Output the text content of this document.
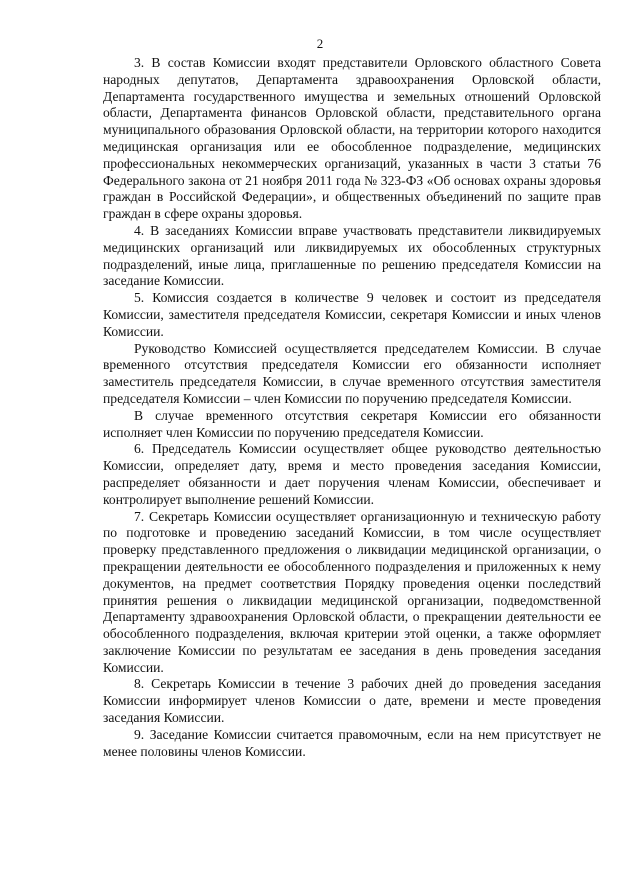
2

3. В состав Комиссии входят представители Орловского областного Совета народных депутатов, Департамента здравоохранения Орловской области, Департамента государственного имущества и земельных отношений Орловской области, Департамента финансов Орловской области, представительного органа муниципального образования Орловской области, на территории которого находится медицинская организация или ее обособленное подразделение, медицинских профессиональных некоммерческих организаций, указанных в части 3 статьи 76 Федерального закона от 21 ноября 2011 года № 323-ФЗ «Об основах охраны здоровья граждан в Российской Федерации», и общественных объединений по защите прав граждан в сфере охраны здоровья.

4. В заседаниях Комиссии вправе участвовать представители ликвидируемых медицинских организаций или ликвидируемых их обособленных структурных подразделений, иные лица, приглашенные по решению председателя Комиссии на заседание Комиссии.

5. Комиссия создается в количестве 9 человек и состоит из председателя Комиссии, заместителя председателя Комиссии, секретаря Комиссии и иных членов Комиссии.

Руководство Комиссией осуществляется председателем Комиссии. В случае временного отсутствия председателя Комиссии его обязанности исполняет заместитель председателя Комиссии, в случае временного отсутствия заместителя председателя Комиссии – член Комиссии по поручению председателя Комиссии.

В случае временного отсутствия секретаря Комиссии его обязанности исполняет член Комиссии по поручению председателя Комиссии.

6. Председатель Комиссии осуществляет общее руководство деятельностью Комиссии, определяет дату, время и место проведения заседания Комиссии, распределяет обязанности и дает поручения членам Комиссии, обеспечивает и контролирует выполнение решений Комиссии.

7. Секретарь Комиссии осуществляет организационную и техническую работу по подготовке и проведению заседаний Комиссии, в том числе осуществляет проверку представленного предложения о ликвидации медицинской организации, о прекращении деятельности ее обособленного подразделения и приложенных к нему документов, на предмет соответствия Порядку проведения оценки последствий принятия решения о ликвидации медицинской организации, подведомственной Департаменту здравоохранения Орловской области, о прекращении деятельности ее обособленного подразделения, включая критерии этой оценки, а также оформляет заключение Комиссии по результатам ее заседания в день проведения заседания Комиссии.

8. Секретарь Комиссии в течение 3 рабочих дней до проведения заседания Комиссии информирует членов Комиссии о дате, времени и месте проведения заседания Комиссии.

9. Заседание Комиссии считается правомочным, если на нем присутствует не менее половины членов Комиссии.
